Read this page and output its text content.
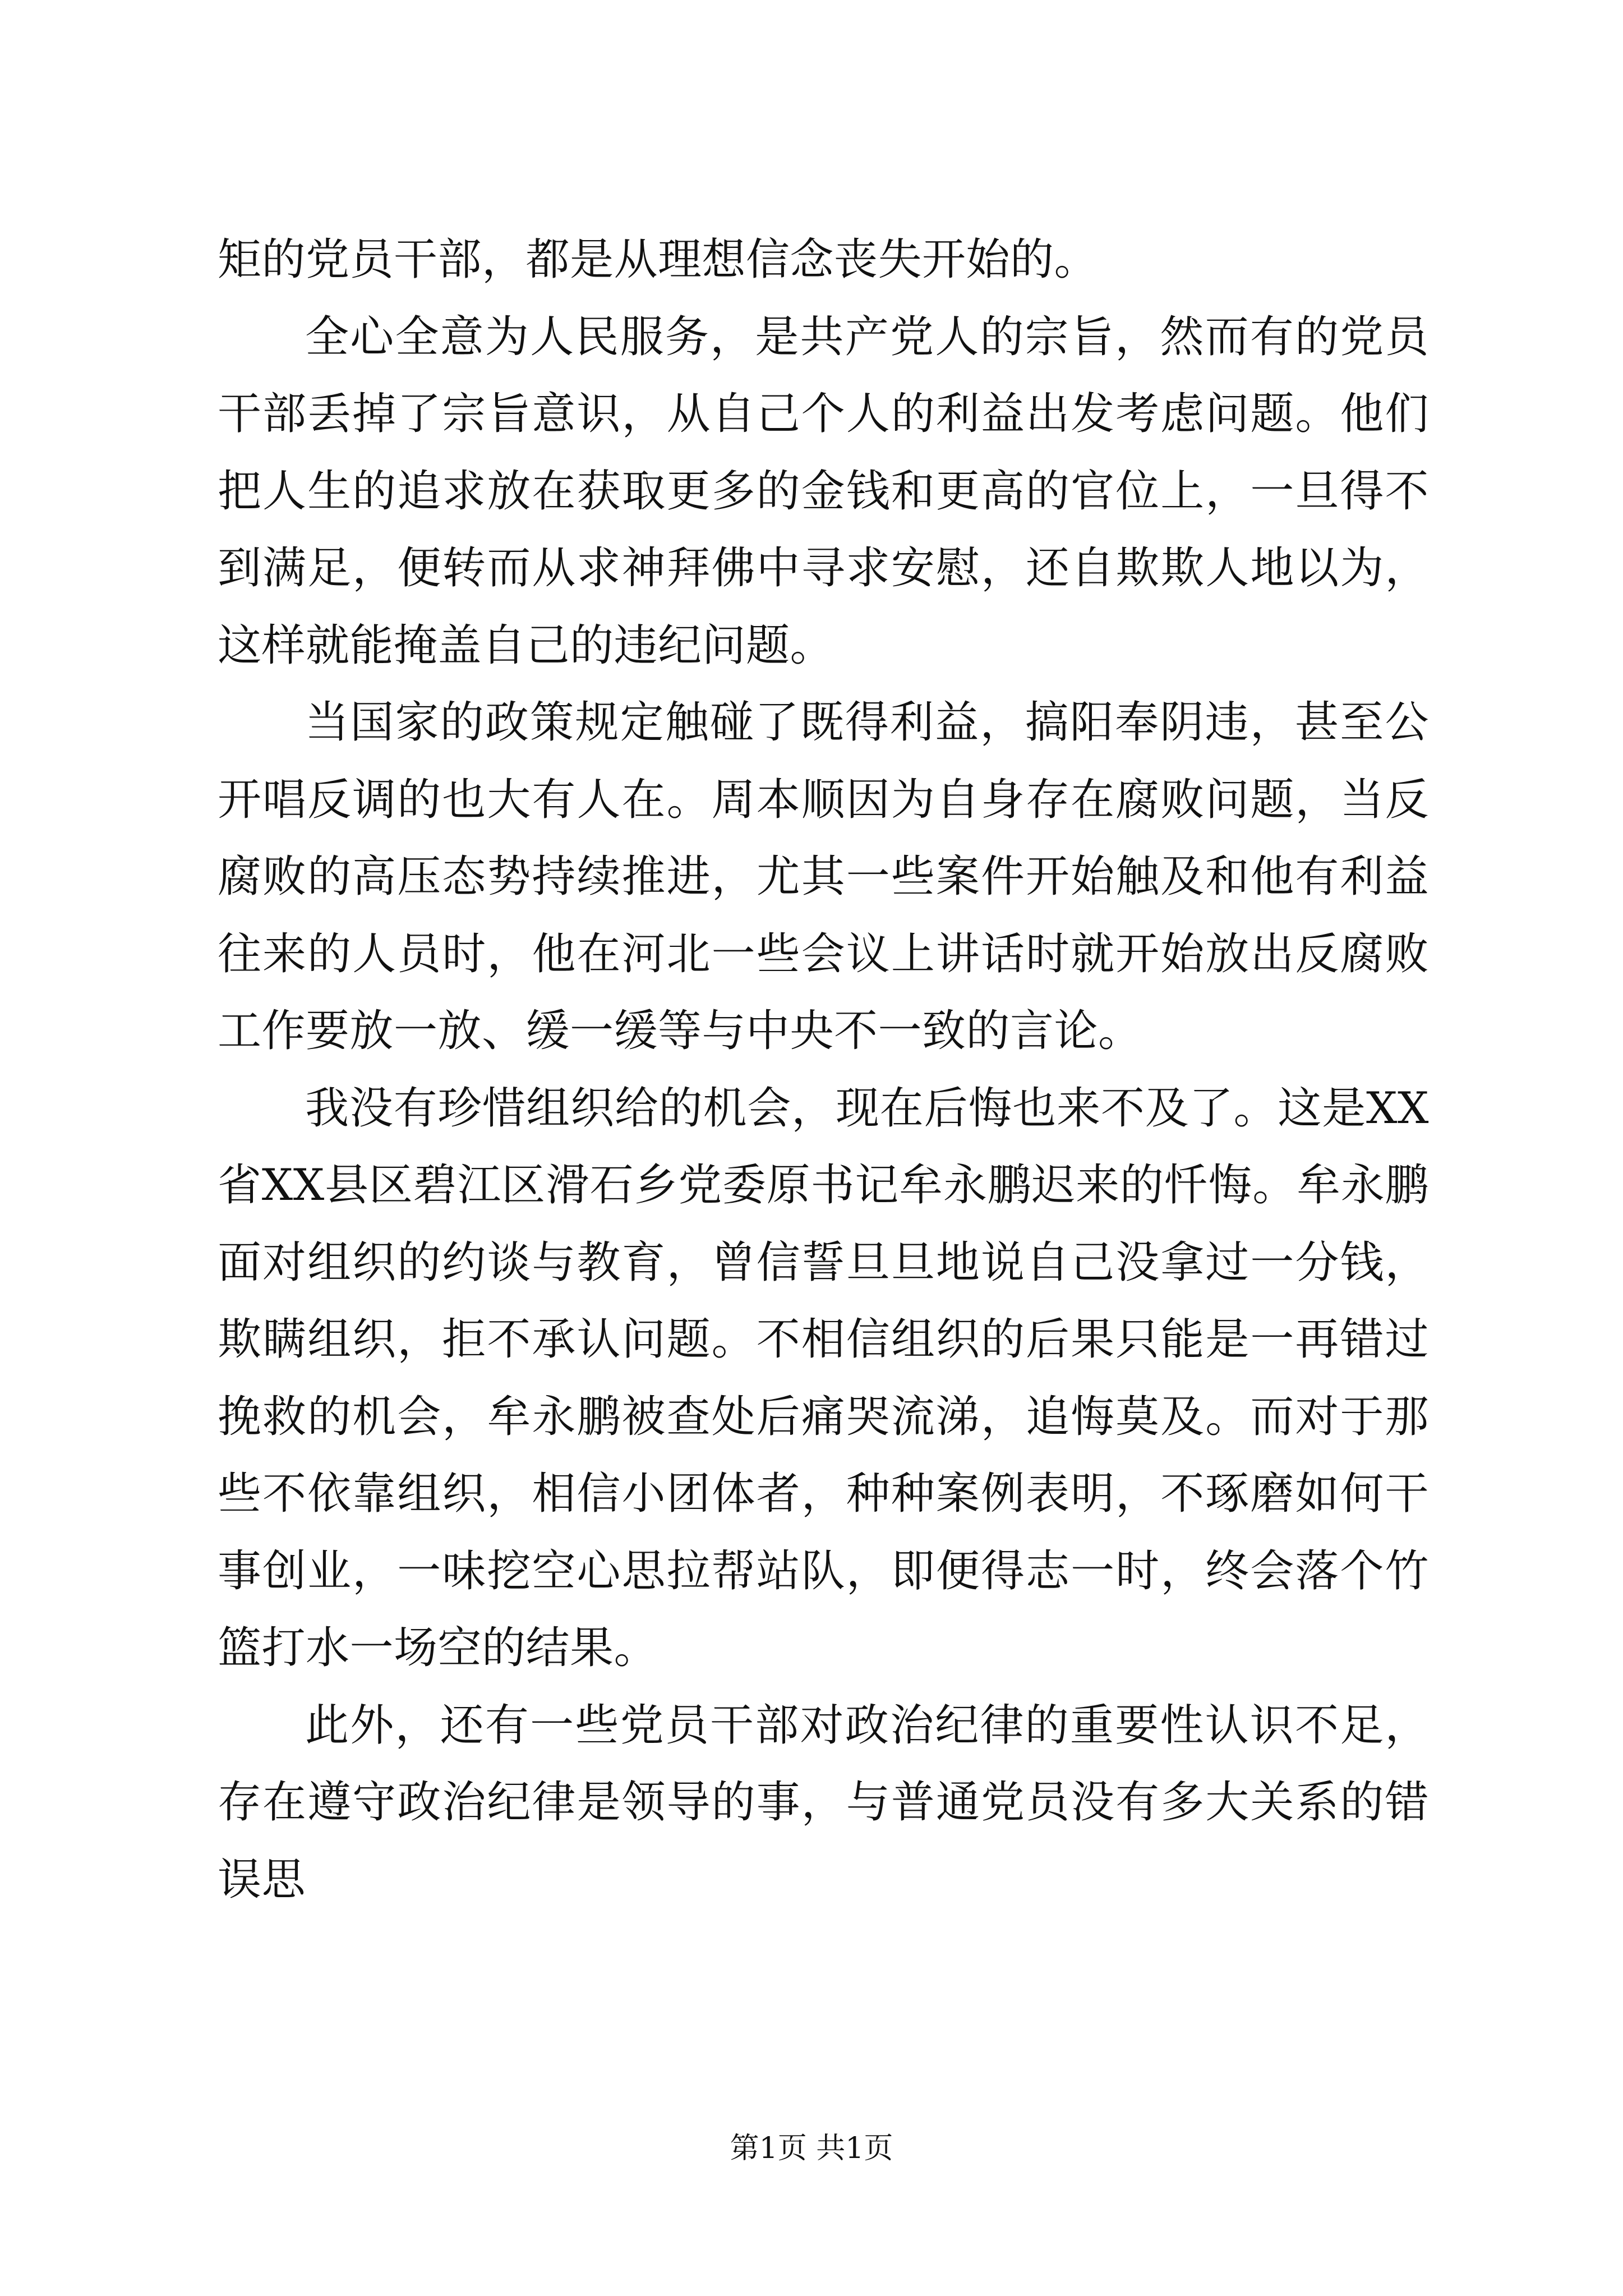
矩的党员干部，都是从理想信念丧失开始的。

全心全意为人民服务，是共产党人的宗旨，然而有的党员干部丢掉了宗旨意识，从自己个人的利益出发考虑问题。他们把人生的追求放在获取更多的金钱和更高的官位上，一旦得不到满足，便转而从求神拜佛中寻求安慰，还自欺欺人地以为，这样就能掩盖自己的违纪问题。

当国家的政策规定触碰了既得利益，搞阳奉阴违，甚至公开唱反调的也大有人在。周本顺因为自身存在腐败问题，当反腐败的高压态势持续推进，尤其一些案件开始触及和他有利益往来的人员时，他在河北一些会议上讲话时就开始放出反腐败工作要放一放、缓一缓等与中央不一致的言论。

我没有珍惜组织给的机会，现在后悔也来不及了。这是XX省XX县区碧江区滑石乡党委原书记牟永鹏迟来的忏悔。牟永鹏面对组织的约谈与教育，曾信誓旦旦地说自己没拿过一分钱，欺瞒组织，拒不承认问题。不相信组织的后果只能是一再错过挽救的机会，牟永鹏被查处后痛哭流涕，追悔莫及。而对于那些不依靠组织，相信小团体者，种种案例表明，不琢磨如何干事创业，一味挖空心思拉帮站队，即便得志一时，终会落个竹篮打水一场空的结果。

此外，还有一些党员干部对政治纪律的重要性认识不足，存在遵守政治纪律是领导的事，与普通党员没有多大关系的错误思

第1页 共1页
